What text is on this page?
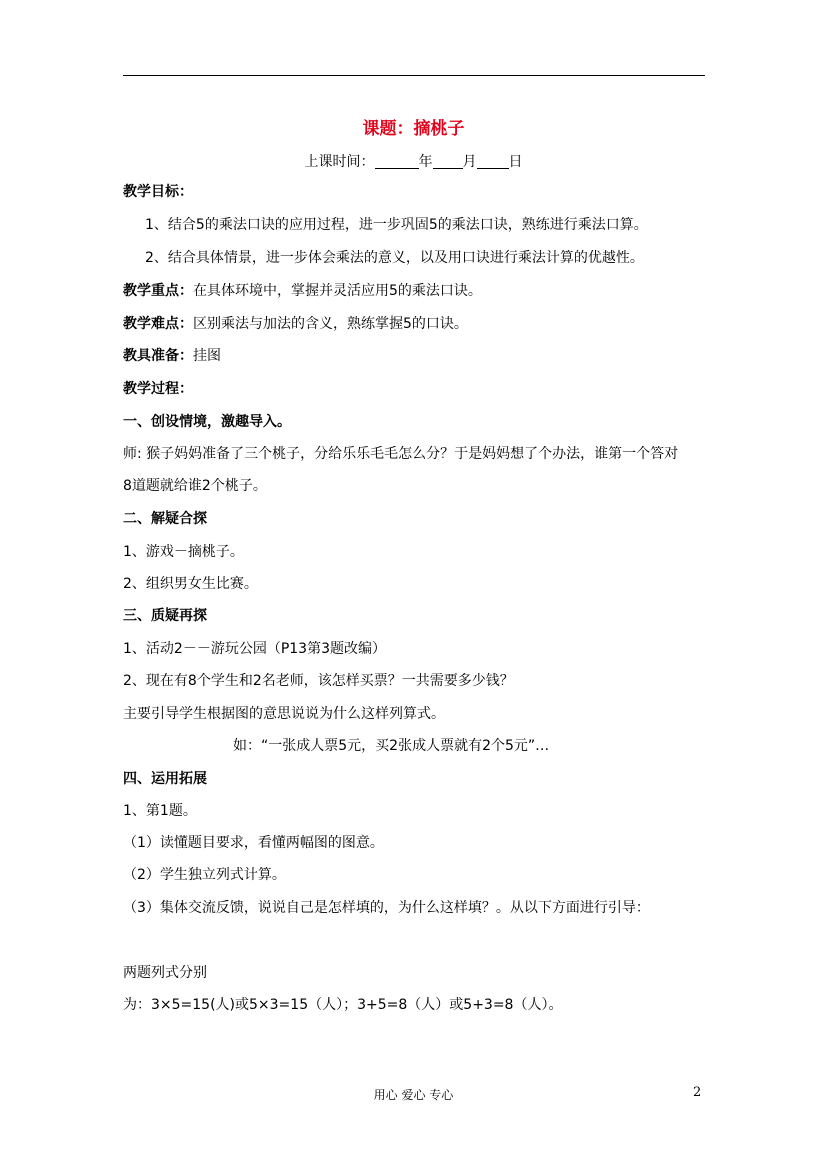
课题：摘桃子
上课时间：	年 月 日
教学目标：
1、结合5的乘法口诀的应用过程，进一步巩固5的乘法口诀，熟练进行乘法口算。
2、结合具体情景，进一步体会乘法的意义，以及用口诀进行乘法计算的优越性。
教学重点：在具体环境中，掌握并灵活应用5的乘法口诀。
教学难点：区别乘法与加法的含义，熟练掌握5的口诀。
教具准备：挂图
教学过程：
一、创设情境，激趣导入。
师: 猴子妈妈准备了三个桃子，分给乐乐毛毛怎么分？于是妈妈想了个办法，谁第一个答对
8道题就给谁2个桃子。
二、解疑合探
1、游戏－摘桃子。
2、组织男女生比赛。
三、质疑再探
1、活动2－－游玩公园（P13第3题改编）
2、现在有8个学生和2名老师，该怎样买票？一共需要多少钱？
主要引导学生根据图的意思说说为什么这样列算式。
如：“一张成人票5元，买2张成人票就有2个5元”…
四、运用拓展
1、第1题。
（1）读懂题目要求，看懂两幅图的图意。
（2）学生独立列式计算。
（3）集体交流反馈，说说自己是怎样填的，为什么这样填？。从以下方面进行引导：
两题列式分别
为：3×5=15(人)或5×3=15（人）；3+5=8（人）或5+3=8（人）。
用心 爱心 专心	2
